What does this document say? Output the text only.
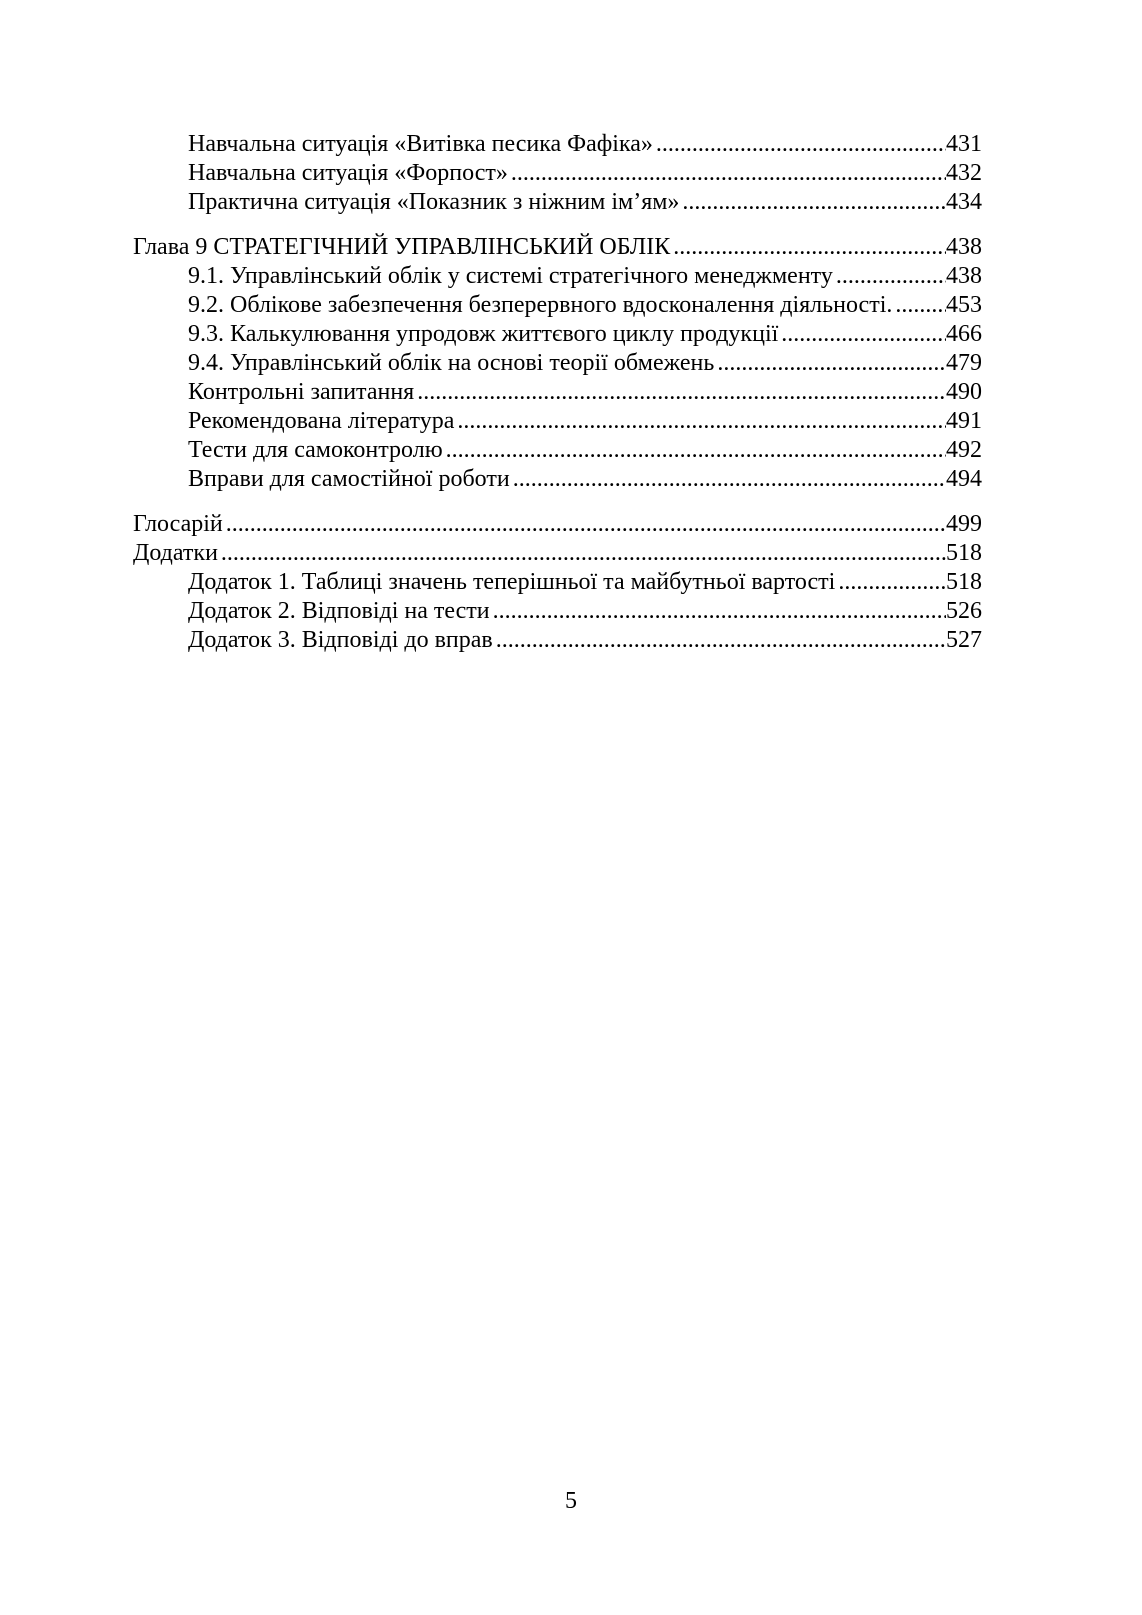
Навчальна ситуація «Витівка песика Фафіка» .....	431
Навчальна ситуація «Форпост» .....	432
Практична ситуація «Показник з ніжним ім’ям» .....	434
Глава 9 СТРАТЕГІЧНИЙ УПРАВЛІНСЬКИЙ ОБЛІК .....	438
9.1. Управлінський облік у системі стратегічного менеджменту .....	438
9.2. Облікове забезпечення безперервного вдосконалення діяльності. ..... 453
9.3. Калькулювання упродовж життєвого циклу продукції .....	466
9.4. Управлінський облік на основі теорії обмежень .....	479
Контрольні запитання .....	490
Рекомендована література .....	491
Тести для самоконтролю .....	492
Вправи для самостійної роботи .....	494
Глосарій .....	499
Додатки .....	518
Додаток 1. Таблиці значень теперішньої та майбутньої вартості .....	518
Додаток 2. Відповіді на тести .....	526
Додаток 3. Відповіді до вправ .....	527
5
